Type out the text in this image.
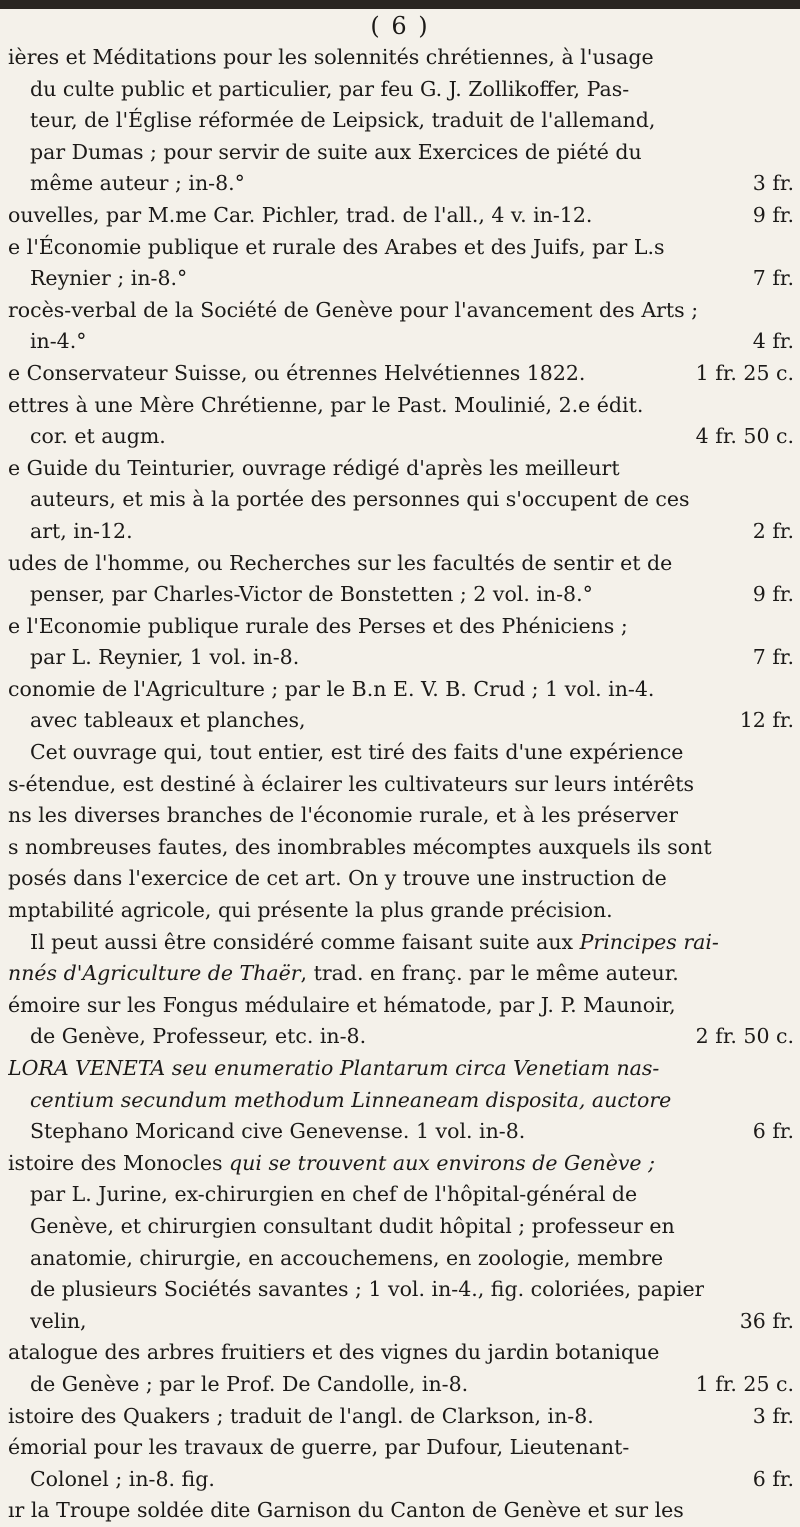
( 6 )
ières et Méditations pour les solennités chrétiennes, à l'usage
du culte public et particulier, par feu G. J. Zollikoffer, Pas-
teur, de l'Église réformée de Leipsick, traduit de l'allemand,
par Dumas ; pour servir de suite aux Exercices de piété du
même auteur ; in-8.°	3 fr.
ouvelles, par M.me Car. Pichler, trad. de l'all., 4 v. in-12.	9 fr.
e l'Économie publique et rurale des Arabes et des Juifs, par L.s
Reynier ; in-8.°	7 fr.
rocès-verbal de la Société de Genève pour l'avancement des Arts ;
in-4.°	4 fr.
e Conservateur Suisse, ou étrennes Helvétiennes 1822.	1 fr. 25 c.
ettres à une Mère Chrétienne, par le Past. Moulinié, 2.e édit.
cor. et augm.	4 fr. 50 c.
e Guide du Teinturier, ouvrage rédigé d'après les meilleurt
auteurs, et mis à la portée des personnes qui s'occupent de ces
art, in-12.	2 fr.
udes de l'homme, ou Recherches sur les facultés de sentir et de
penser, par Charles-Victor de Bonstetten ; 2 vol. in-8.°	9 fr.
e l'Economie publique rurale des Perses et des Phéniciens ;
par L. Reynier, 1 vol. in-8.	7 fr.
conomie de l'Agriculture ; par le B.n E. V. B. Crud ; 1 vol. in-4.
avec tableaux et planches,	12 fr.
Cet ouvrage qui, tout entier, est tiré des faits d'une expérience
s-étendue, est destiné à éclairer les cultivateurs sur leurs intérêts
ns les diverses branches de l'économie rurale, et à les préserver
s nombreuses fautes, des inombrables mécomptes auxquels ils sont
posés dans l'exercice de cet art. On y trouve une instruction de
mptabilité agricole, qui présente la plus grande précision.
Il peut aussi être considéré comme faisant suite aux Principes rai-
nnés d'Agriculture de Thaër, trad. en franç. par le même auteur.
émoire sur les Fongus médulaire et hématode, par J. P. Maunoir,
de Genève, Professeur, etc. in-8.	2 fr. 50 c.
LORA VENETA seu enumeratio Plantarum circa Venetiam nas-
centium secundum methodum Linneaneam disposita, auctore
Stephano Moricand cive Genevense. 1 vol. in-8.	6 fr.
istoire des Monocles qui se trouvent aux environs de Genève ;
par L. Jurine, ex-chirurgien en chef de l'hôpital-général de
Genève, et chirurgien consultant dudit hôpital ; professeur en
anatomie, chirurgie, en accouchemens, en zoologie, membre
de plusieurs Sociétés savantes ; 1 vol. in-4., fig. coloriées, papier
velin,	36 fr.
atalogue des arbres fruitiers et des vignes du jardin botanique
de Genève ; par le Prof. De Candolle, in-8.	1 fr. 25 c.
istoire des Quakers ; traduit de l'angl. de Clarkson, in-8.	3 fr.
émorial pour les travaux de guerre, par Dufour, Lieutenant-
Colonel ; in-8. fig.	6 fr.
ır la Troupe soldée dite Garnison du Canton de Genève et sur les
